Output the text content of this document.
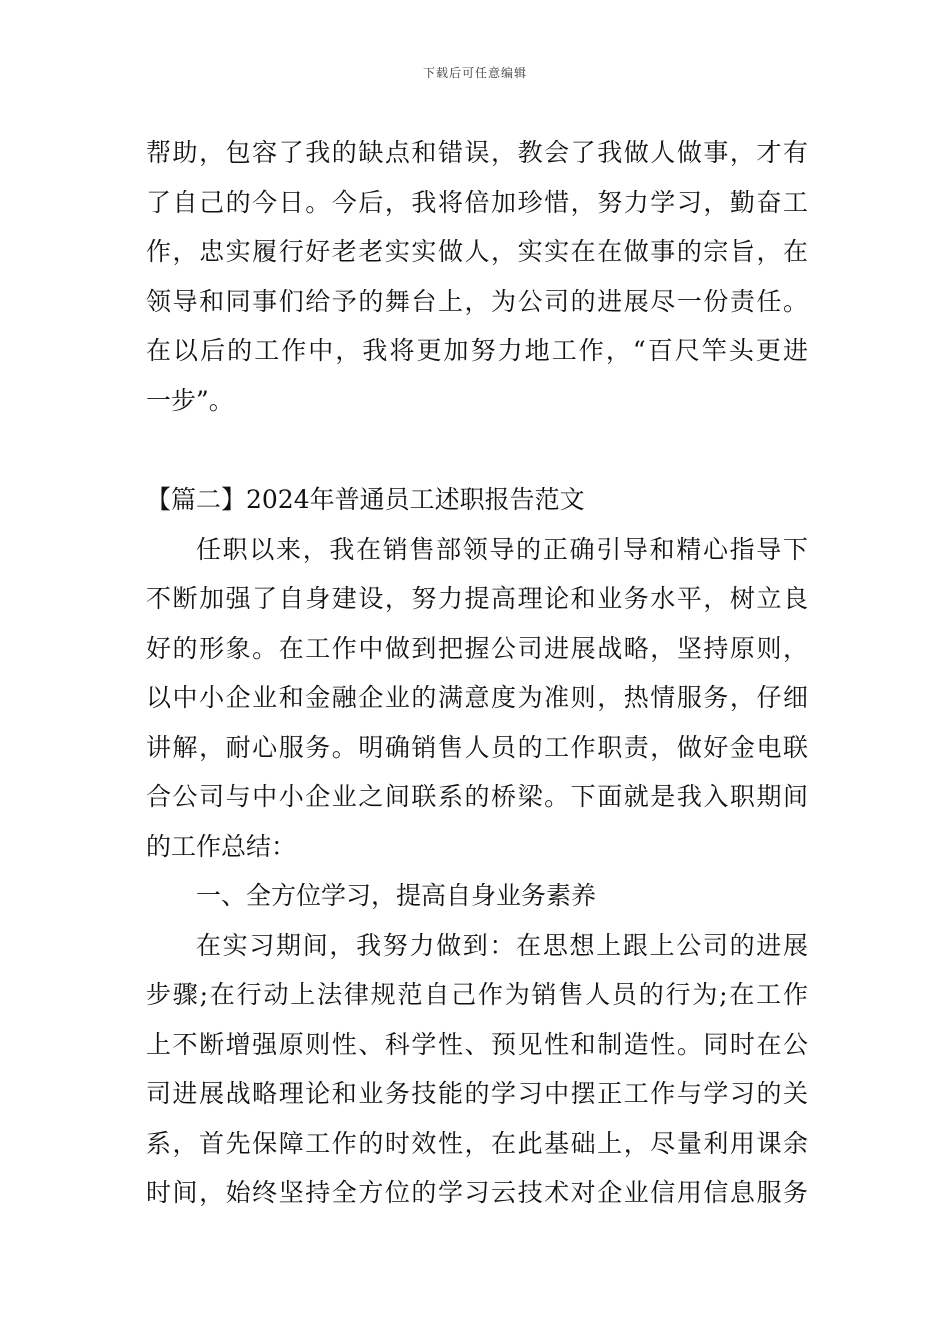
下载后可任意编辑
帮助，包容了我的缺点和错误，教会了我做人做事，才有
了自己的今日。今后，我将倍加珍惜，努力学习，勤奋工
作，忠实履行好老老实实做人，实实在在做事的宗旨，在
领导和同事们给予的舞台上，为公司的进展尽一份责任。
在以后的工作中，我将更加努力地工作，“百尺竿头更进
一步”。
【篇二】2024年普通员工述职报告范文
任职以来，我在销售部领导的正确引导和精心指导下
不断加强了自身建设，努力提高理论和业务水平，树立良
好的形象。在工作中做到把握公司进展战略，坚持原则，
以中小企业和金融企业的满意度为准则，热情服务，仔细
讲解，耐心服务。明确销售人员的工作职责，做好金电联
合公司与中小企业之间联系的桥梁。下面就是我入职期间
的工作总结：
一、全方位学习，提高自身业务素养
在实习期间，我努力做到：在思想上跟上公司的进展
步骤;在行动上法律规范自己作为销售人员的行为;在工作
上不断增强原则性、科学性、预见性和制造性。同时在公
司进展战略理论和业务技能的学习中摆正工作与学习的关
系，首先保障工作的时效性，在此基础上，尽量利用课余
时间，始终坚持全方位的学习云技术对企业信用信息服务
